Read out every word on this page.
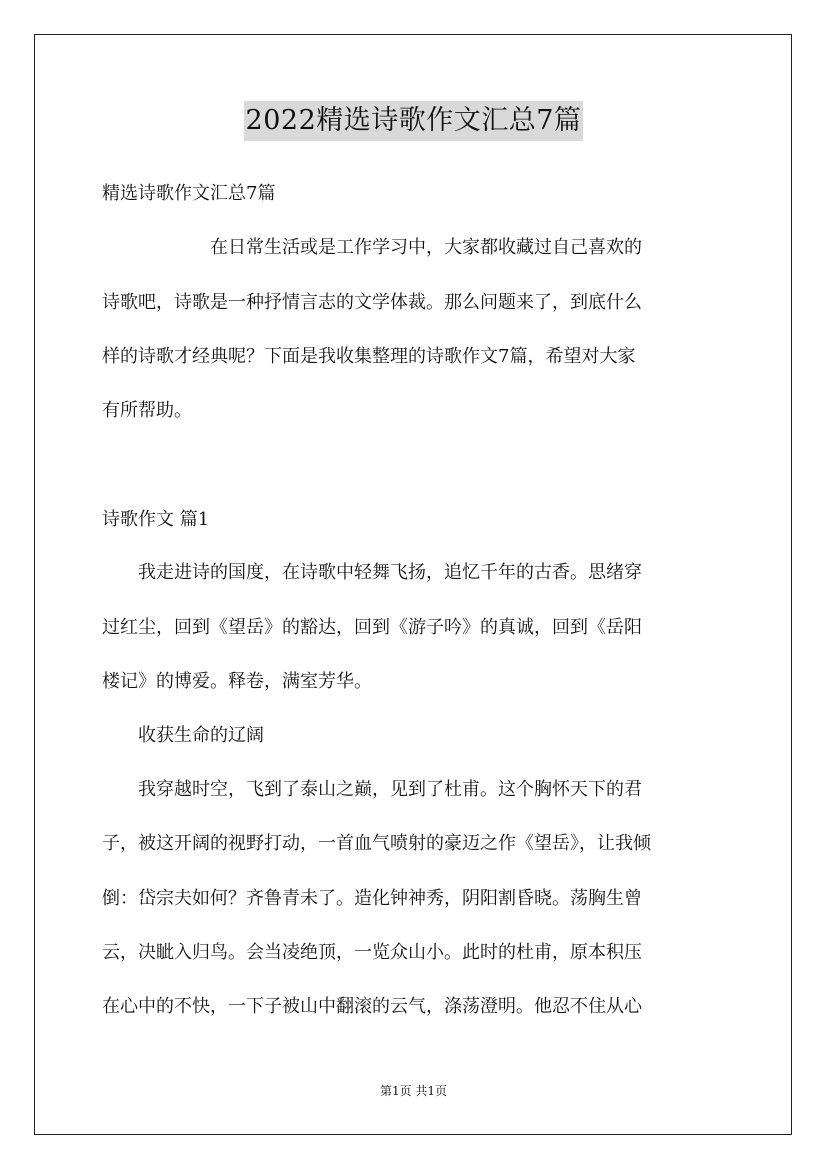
2022精选诗歌作文汇总7篇
精选诗歌作文汇总7篇
　　　　　　在日常生活或是工作学习中，大家都收藏过自己喜欢的
诗歌吧，诗歌是一种抒情言志的文学体裁。那么问题来了，到底什么
样的诗歌才经典呢？下面是我收集整理的诗歌作文7篇，希望对大家
有所帮助。
诗歌作文 篇1
　　我走进诗的国度，在诗歌中轻舞飞扬，追忆千年的古香。思绪穿
过红尘，回到《望岳》的豁达，回到《游子吟》的真诚，回到《岳阳
楼记》的博爱。释卷，满室芳华。
　　收获生命的辽阔
　　我穿越时空，飞到了泰山之巅，见到了杜甫。这个胸怀天下的君
子，被这开阔的视野打动，一首血气喷射的豪迈之作《望岳》，让我倾
倒：岱宗夫如何？齐鲁青未了。造化钟神秀，阴阳割昏晓。荡胸生曾
云，决眦入归鸟。会当凌绝顶，一览众山小。此时的杜甫，原本积压
在心中的不快，一下子被山中翻滚的云气，涤荡澄明。他忍不住从心
第1页 共1页
